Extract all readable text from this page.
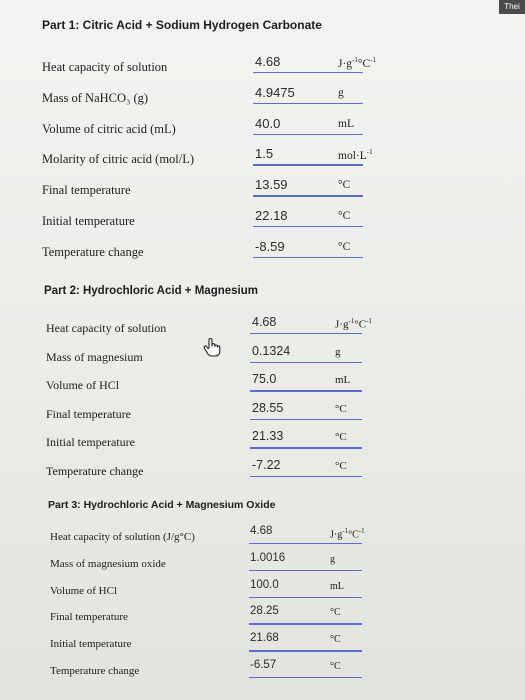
Thei
Part 1: Citric Acid + Sodium Hydrogen Carbonate
Heat capacity of solution	4.68	$J\cdot g^{-1}^\circ C^{-1}$
Mass of NaHCO₃ (g)	4.9475	g
Volume of citric acid (mL)	40.0	mL
Molarity of citric acid (mol/L)	1.5	$mol\cdot L^{-1}$
Final temperature	13.59	°C
Initial temperature	22.18	°C
Temperature change	-8.59	°C
Part 2: Hydrochloric Acid + Magnesium
Heat capacity of solution	4.68	$J\cdot g^{-1}^\circ C^{-1}$
Mass of magnesium	0.1324	g
Volume of HCl	75.0	mL
Final temperature	28.55	°C
Initial temperature	21.33	°C
Temperature change	-7.22	°C
Part 3: Hydrochloric Acid + Magnesium Oxide
Heat capacity of solution (J/g°C)	4.68	$J\cdot g^{-1}^\circ C^{-1}$
Mass of magnesium oxide	1.0016	g
Volume of HCl	100.0	mL
Final temperature	28.25	°C
Initial temperature	21.68	°C
Temperature change	-6.57	°C
